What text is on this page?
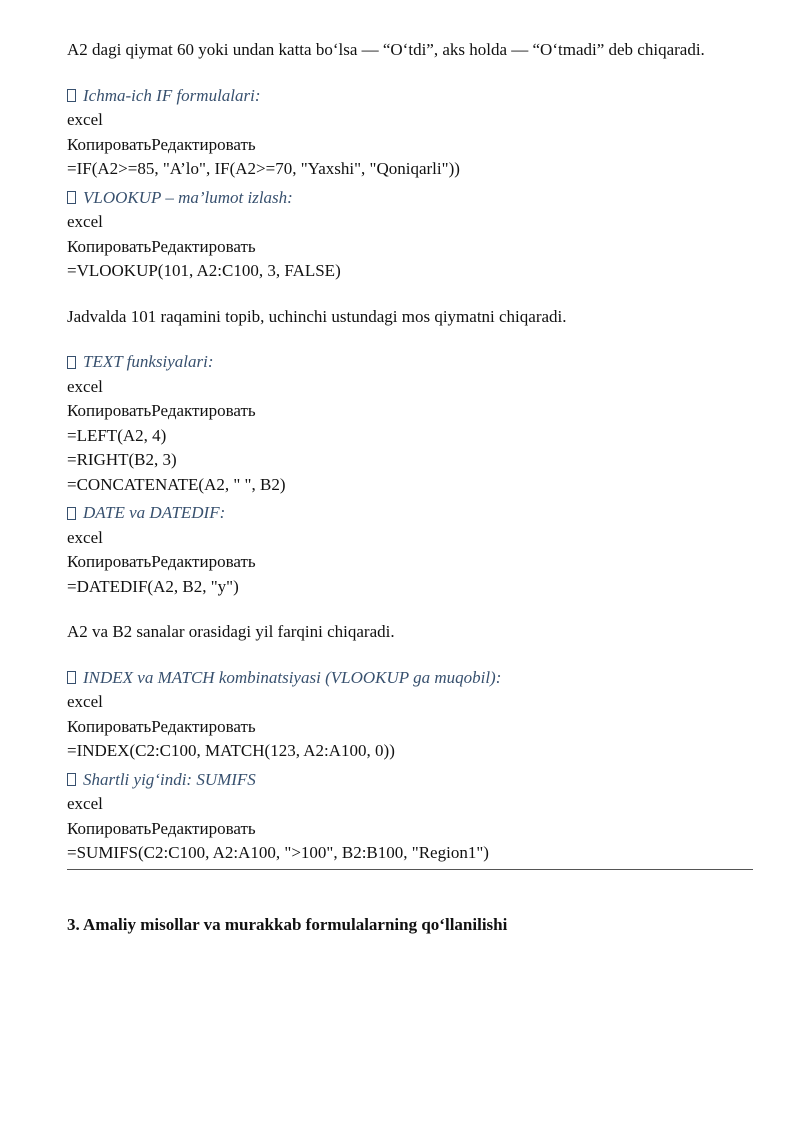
A2 dagi qiymat 60 yoki undan katta bo‘lsa — “O‘tdi”, aks holda — “O‘tmadi” deb chiqaradi.

Ichma-ich IF formulalari:

excel

КопироватьРедактировать

=IF(A2>=85, "A’lo", IF(A2>=70, "Yaxshi", "Qoniqarli"))

VLOOKUP – ma’lumot izlash:

excel

КопироватьРедактировать

=VLOOKUP(101, A2:C100, 3, FALSE)

Jadvalda 101 raqamini topib, uchinchi ustundagi mos qiymatni chiqaradi.

TEXT funksiyalari:

excel

КопироватьРедактировать

=LEFT(A2, 4)

=RIGHT(B2, 3)

=CONCATENATE(A2, " ", B2)

DATE va DATEDIF:

excel

КопироватьРедактировать

=DATEDIF(A2, B2, "y")

A2 va B2 sanalar orasidagi yil farqini chiqaradi.

INDEX va MATCH kombinatsiyasi (VLOOKUP ga muqobil):

excel

КопироватьРедактировать

=INDEX(C2:C100, MATCH(123, A2:A100, 0))

Shartli yig‘indi: SUMIFS

excel

КопироватьРедактировать

=SUMIFS(C2:C100, A2:A100, ">100", B2:B100, "Region1")

3. Amaliy misollar va murakkab formulalarning qo‘llanilishi
